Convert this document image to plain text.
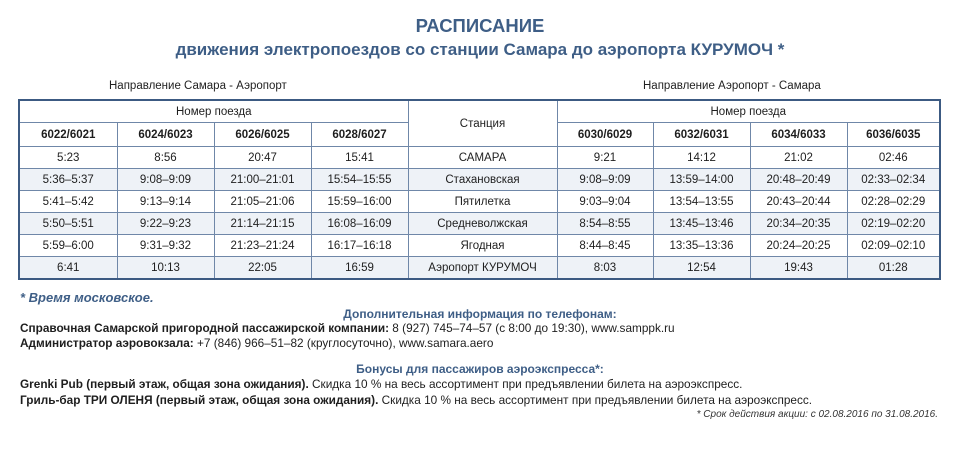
РАСПИСАНИЕ
движения электропоездов со станции Самара до аэропорта КУРУМОЧ *
Направление Самара - Аэропорт	Направление Аэропорт - Самара
Номер поезда				Станция	Номер поезда			
6022/6021	6024/6023	6026/6025	6028/6027		6030/6029	6032/6031	6034/6033	6036/6035
5:23	8:56	20:47	15:41	САМАРА	9:21	14:12	21:02	02:46
5:36–5:37	9:08–9:09	21:00–21:01	15:54–15:55	Стахановская	9:08–9:09	13:59–14:00	20:48–20:49	02:33–02:34
5:41–5:42	9:13–9:14	21:05–21:06	15:59–16:00	Пятилетка	9:03–9:04	13:54–13:55	20:43–20:44	02:28–02:29
5:50–5:51	9:22–9:23	21:14–21:15	16:08–16:09	Средневолжская	8:54–8:55	13:45–13:46	20:34–20:35	02:19–02:20
5:59–6:00	9:31–9:32	21:23–21:24	16:17–16:18	Ягодная	8:44–8:45	13:35–13:36	20:24–20:25	02:09–02:10
6:41	10:13	22:05	16:59	Аэропорт КУРУМОЧ	8:03	12:54	19:43	01:28
* Время московское.
Дополнительная информация по телефонам:
Справочная Самарской пригородной пассажирской компании: 8 (927) 745–74–57 (с 8:00 до 19:30), www.samppk.ru
Администратор аэровокзала: +7 (846) 966–51–82 (круглосуточно), www.samara.aero
Бонусы для пассажиров аэроэкспресса*:
Grenki Pub (первый этаж, общая зона ожидания). Скидка 10 % на весь ассортимент при предъявлении билета на аэроэкспресс.
Гриль-бар ТРИ ОЛЕНЯ (первый этаж, общая зона ожидания). Скидка 10 % на весь ассортимент при предъявлении билета на аэроэкспресс.
* Срок действия акции: с 02.08.2016 по 31.08.2016.
